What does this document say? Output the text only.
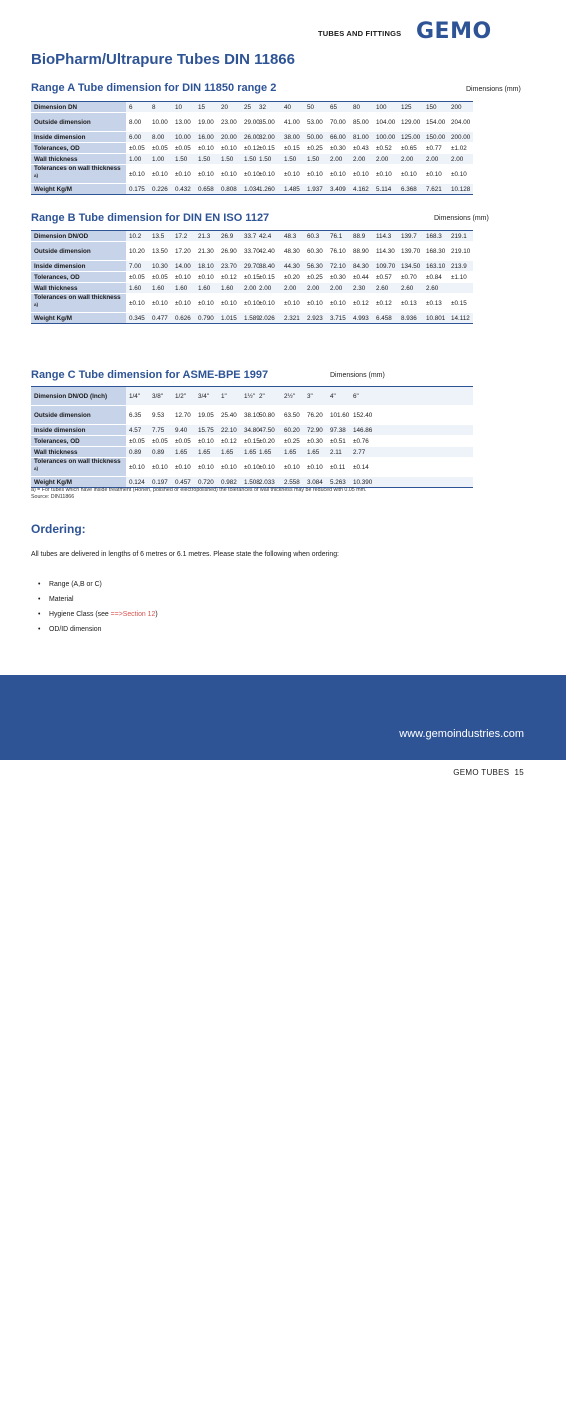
TUBES AND FITTINGS GEMO
BioPharm/Ultrapure Tubes DIN 11866
Range A Tube dimension for DIN 11850 range 2	Dimensions (mm)
Dimension DN	6	8	10	15	20	25	32	40	50	65	80	100	125	150	200
Outside dimension	8.00	10.00	13.00	19.00	23.00	29.00	35.00	41.00	53.00	70.00	85.00	104.00	129.00	154.00	204.00
Inside dimension	6.00	8.00	10.00	16.00	20.00	26.00	32.00	38.00	50.00	66.00	81.00	100.00	125.00	150.00	200.00
Tolerances, OD	±0.05	±0.05	±0.05	±0.10	±0.10	±0.12	±0.15	±0.15	±0.25	±0.30	±0.43	±0.52	±0.65	±0.77	±1.02
Wall thickness	1.00	1.00	1.50	1.50	1.50	1.50	1.50	1.50	1.50	2.00	2.00	2.00	2.00	2.00	2.00
Tolerances on wall thickness $^{a)}$	±0.10	±0.10	±0.10	±0.10	±0.10	±0.10	±0.10	±0.10	±0.10	±0.10	±0.10	±0.10	±0.10	±0.10	±0.10
Weight Kg/M	0.175	0.226	0.432	0.658	0.808	1.034	1.260	1.485	1.937	3.409	4.162	5.114	6.368	7.621	10.128
Range B Tube dimension for DIN EN ISO 1127	Dimensions (mm)
Dimension DN/OD	10.2	13.5	17.2	21.3	26.9	33.7	42.4	48.3	60.3	76.1	88.9	114.3	139.7	168.3	219.1
Outside dimension	10.20	13.50	17.20	21.30	26.90	33.70	42.40	48.30	60.30	76.10	88.90	114.30	139.70	168.30	219.10
Inside dimension	7.00	10.30	14.00	18.10	23.70	29.70	38.40	44.30	56.30	72.10	84.30	109.70	134.50	163.10	213.9
Tolerances, OD	±0.05	±0.05	±0.10	±0.10	±0.12	±0.15	±0.15	±0.20	±0.25	±0.30	±0.44	±0.57	±0.70	±0.84	±1.10
Wall thickness	1.60	1.60	1.60	1.60	1.60	2.00	2.00	2.00	2.00	2.00	2.30	2.60	2.60	2.60	
Tolerances on wall thickness $^{a)}$	±0.10	±0.10	±0.10	±0.10	±0.10	±0.10	±0.10	±0.10	±0.10	±0.10	±0.12	±0.12	±0.13	±0.13	±0.15
Weight Kg/M	0.345	0.477	0.626	0.790	1.015	1.589	2.026	2.321	2.923	3.715	4.993	6.458	8.936	10.801	14.112
Range C Tube dimension for ASME-BPE 1997	Dimensions (mm)
Dimension DN/OD (Inch)	1/4"	3/8"	1/2"	3/4"	1"	1½"	2"	2½"	3"	4"	6"				
Outside dimension	6.35	9.53	12.70	19.05	25.40	38.10	50.80	63.50	76.20	101.60	152.40				
Inside dimension	4.57	7.75	9.40	15.75	22.10	34.80	47.50	60.20	72.90	97.38	146.86				
Tolerances, OD	±0.05	±0.05	±0.05	±0.10	±0.12	±0.15	±0.20	±0.25	±0.30	±0.51	±0.76				
Wall thickness	0.89	0.89	1.65	1.65	1.65	1.65	1.65	1.65	1.65	2.11	2.77				
Tolerances on wall thickness $^{a)}$	±0.10	±0.10	±0.10	±0.10	±0.10	±0.10	±0.10	±0.10	±0.10	±0.11	±0.14				
Weight Kg/M	0.124	0.197	0.457	0.720	0.982	1.508	2.033	2.558	3.084	5.263	10.390				
a) = For tubes which have inside treatment (Honen, polished or electropolished) the tolerances of wall thickness may be reduced with 0.05 mm.
Source: DIN11866
Ordering:
All tubes are delivered in lengths of 6 metres or 6.1 metres. Please state the following when ordering:
• Range (A,B or C)
• Material
• Hygiene Class (see ==>Section 12)
• OD/ID dimension
www.gemoindustries.com
GEMO TUBES 15
